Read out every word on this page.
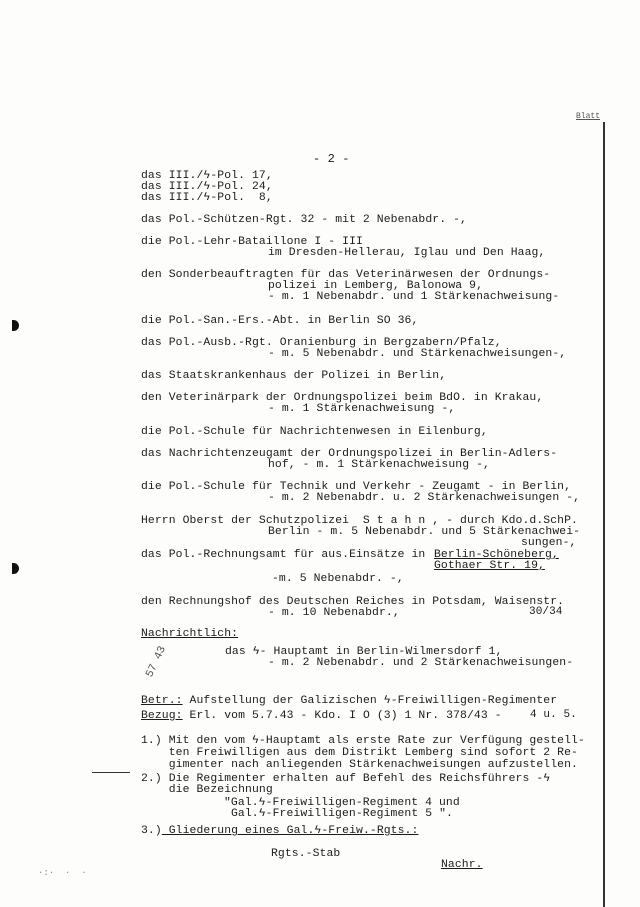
Blatt
- 2 -
das III./ϟ-Pol. 17,
das III./ϟ-Pol. 24,
das III./ϟ-Pol.  8,
das Pol.-Schützen-Rgt. 32 - mit 2 Nebenabdr. -,
die Pol.-Lehr-Bataillone I - III
im Dresden-Hellerau, Iglau und Den Haag,
den Sonderbeauftragten für das Veterinärwesen der Ordnungs-
polizei in Lemberg, Balonowa 9,
- m. 1 Nebenabdr. und 1 Stärkenachweisung-
die Pol.-San.-Ers.-Abt. in Berlin SO 36,
das Pol.-Ausb.-Rgt. Oranienburg in Bergzabern/Pfalz,
- m. 5 Nebenabdr. und Stärkenachweisungen-,
das Staatskrankenhaus der Polizei in Berlin,
den Veterinärpark der Ordnungspolizei beim BdO. in Krakau,
- m. 1 Stärkenachweisung -,
die Pol.-Schule für Nachrichtenwesen in Eilenburg,
das Nachrichtenzeugamt der Ordnungspolizei in Berlin-Adlers-
hof, - m. 1 Stärkenachweisung -,
die Pol.-Schule für Technik und Verkehr - Zeugamt - in Berlin,
- m. 2 Nebenabdr. u. 2 Stärkenachweisungen -,
Herrn Oberst der Schutzpolizei  S t a h n , - durch Kdo.d.SchP.
Berlin - m. 5 Nebenabdr. und 5 Stärkenachwei-
sungen-,
das Pol.-Rechnungsamt für aus.Einsätze in Berlin-Schöneberg,
Gothaer Str. 19,
-m. 5 Nebenabdr. -,
den Rechnungshof des Deutschen Reiches in Potsdam, Waisenstr.
- m. 10 Nebenabdr.,	30/34
Nachrichtlich:
das ϟ- Hauptamt in Berlin-Wilmersdorf 1,
- m. 2 Nebenabdr. und 2 Stärkenachweisungen-
57 43
Betr.: Aufstellung der Galizischen ϟ-Freiwilligen-Regimenter
Bezug: Erl. vom 5.7.43 - Kdo. I O (3) 1 Nr. 378/43 -	4 u. 5.
1.) Mit den vom ϟ-Hauptamt als erste Rate zur Verfügung gestell-
ten Freiwilligen aus dem Distrikt Lemberg sind sofort 2 Re-
gimenter nach anliegenden Stärkenachweisungen aufzustellen.
2.) Die Regimenter erhalten auf Befehl des Reichsführers -ϟ
die Bezeichnung
"Gal.ϟ-Freiwilligen-Regiment 4 und
Gal.ϟ-Freiwilligen-Regiment 5 ".
3.) Gliederung eines Gal.ϟ-Freiw.-Rgts.:
Rgts.-Stab
Nachr.
·:·  ·  ·
